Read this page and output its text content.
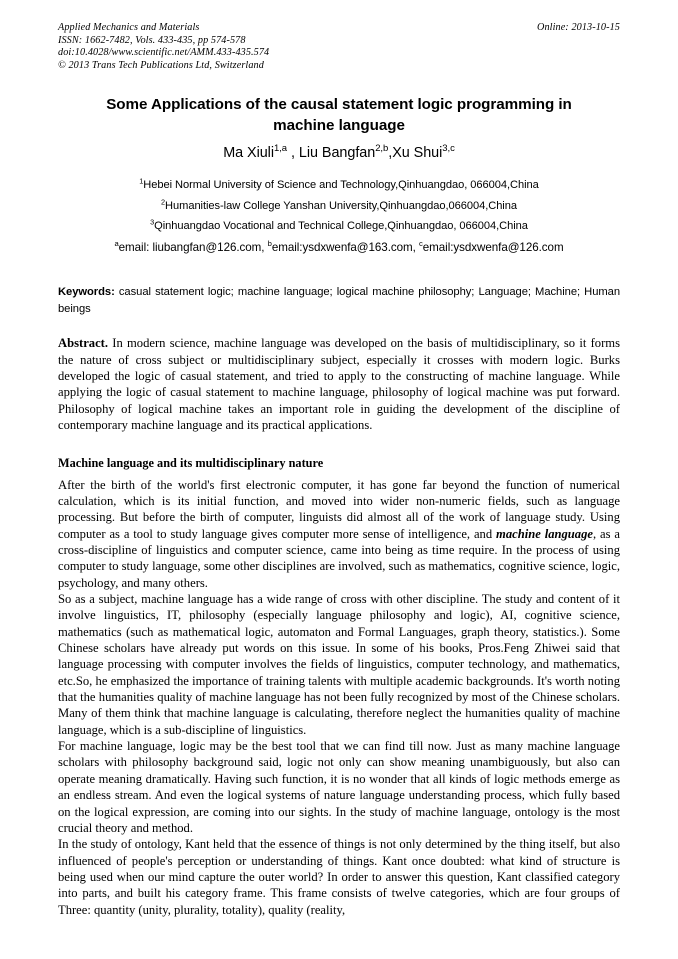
Applied Mechanics and Materials
ISSN: 1662-7482, Vols. 433-435, pp 574-578
doi:10.4028/www.scientific.net/AMM.433-435.574
© 2013 Trans Tech Publications Ltd, Switzerland
Online: 2013-10-15
Some Applications of the causal statement logic programming in machine language
Ma Xiuli$^{1,a}$ , Liu Bangfan$^{2,b}$,Xu Shui$^{3,c}$
$^1$Hebei Normal University of Science and Technology,Qinhuangdao, 066004,China
$^2$Humanities-law College Yanshan University,Qinhuangdao,066004,China
$^3$Qinhuangdao Vocational and Technical College,Qinhuangdao, 066004,China
$^a$email: liubangfan@126.com, $^b$email:ysdxwenfa@163.com, $^c$email:ysdxwenfa@126.com
Keywords: casual statement logic; machine language; logical machine philosophy; Language; Machine; Human beings
Abstract. In modern science, machine language was developed on the basis of multidisciplinary, so it forms the nature of cross subject or multidisciplinary subject, especially it crosses with modern logic. Burks developed the logic of casual statement, and tried to apply to the constructing of machine language. While applying the logic of casual statement to machine language, philosophy of logical machine was put forward. Philosophy of logical machine takes an important role in guiding the development of the discipline of contemporary machine language and its practical applications.
Machine language and its multidisciplinary nature

After the birth of the world's first electronic computer, it has gone far beyond the function of numerical calculation, which is its initial function, and moved into wider non-numeric fields, such as language processing. But before the birth of computer, linguists did almost all of the work of language study. Using computer as a tool to study language gives computer more sense of intelligence, and machine language, as a cross-discipline of linguistics and computer science, came into being as time require. In the process of using computer to study language, some other disciplines are involved, such as mathematics, cognitive science, logic, psychology, and many others.

So as a subject, machine language has a wide range of cross with other discipline. The study and content of it involve linguistics, IT, philosophy (especially language philosophy and logic), AI, cognitive science, mathematics (such as mathematical logic, automaton and Formal Languages, graph theory, statistics.). Some Chinese scholars have already put words on this issue. In some of his books, Pros.Feng Zhiwei said that language processing with computer involves the fields of linguistics, computer technology, and mathematics, etc.So, he emphasized the importance of training talents with multiple academic backgrounds. It's worth noting that the humanities quality of machine language has not been fully recognized by most of the Chinese scholars. Many of them think that machine language is calculating, therefore neglect the humanities quality of machine language, which is a sub-discipline of linguistics.

For machine language, logic may be the best tool that we can find till now. Just as many machine language scholars with philosophy background said, logic not only can show meaning unambiguously, but also can operate meaning dramatically. Having such function, it is no wonder that all kinds of logic methods emerge as an endless stream. And even the logical systems of nature language understanding process, which fully based on the logical expression, are coming into our sights. In the study of machine language, ontology is the most crucial theory and method.

In the study of ontology, Kant held that the essence of things is not only determined by the thing itself, but also influenced of people's perception or understanding of things. Kant once doubted: what kind of structure is being used when our mind capture the outer world? In order to answer this question, Kant classified category into parts, and built his category frame. This frame consists of twelve categories, which are four groups of Three: quantity (unity, plurality, totality), quality (reality,
